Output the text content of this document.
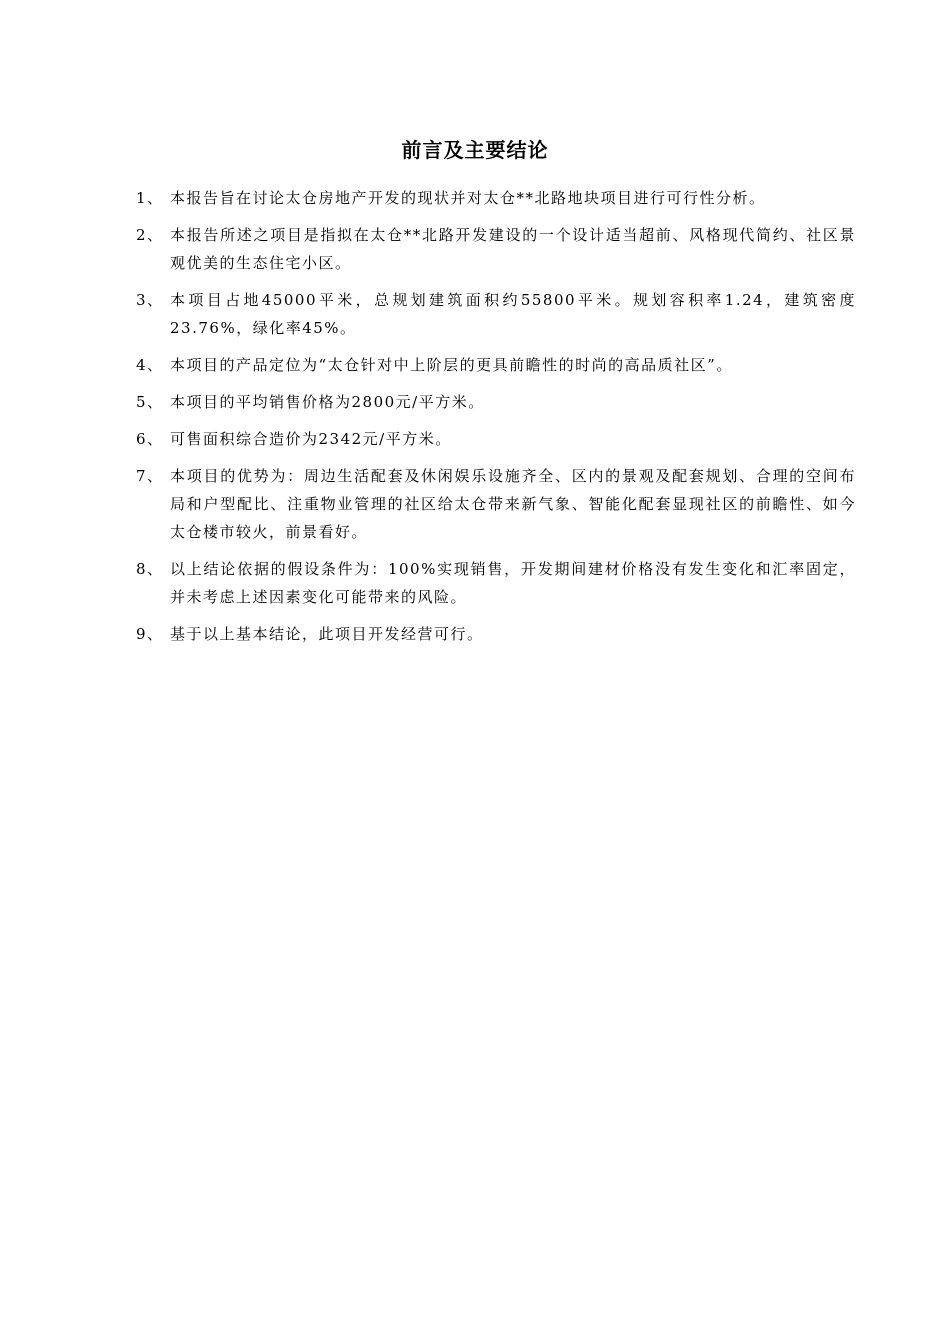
前言及主要结论
1、 本报告旨在讨论太仓房地产开发的现状并对太仓**北路地块项目进行可行性分析。
2、 本报告所述之项目是指拟在太仓**北路开发建设的一个设计适当超前、风格现代简约、社区景观优美的生态住宅小区。
3、 本项目占地45000平米，总规划建筑面积约55800平米。规划容积率1.24，建筑密度23.76%，绿化率45%。
4、 本项目的产品定位为“太仓针对中上阶层的更具前瞻性的时尚的高品质社区”。
5、 本项目的平均销售价格为2800元/平方米。
6、 可售面积综合造价为2342元/平方米。
7、 本项目的优势为：周边生活配套及休闲娱乐设施齐全、区内的景观及配套规划、合理的空间布局和户型配比、注重物业管理的社区给太仓带来新气象、智能化配套显现社区的前瞻性、如今太仓楼市较火，前景看好。
8、 以上结论依据的假设条件为：100%实现销售，开发期间建材价格没有发生变化和汇率固定，并未考虑上述因素变化可能带来的风险。
9、 基于以上基本结论，此项目开发经营可行。
